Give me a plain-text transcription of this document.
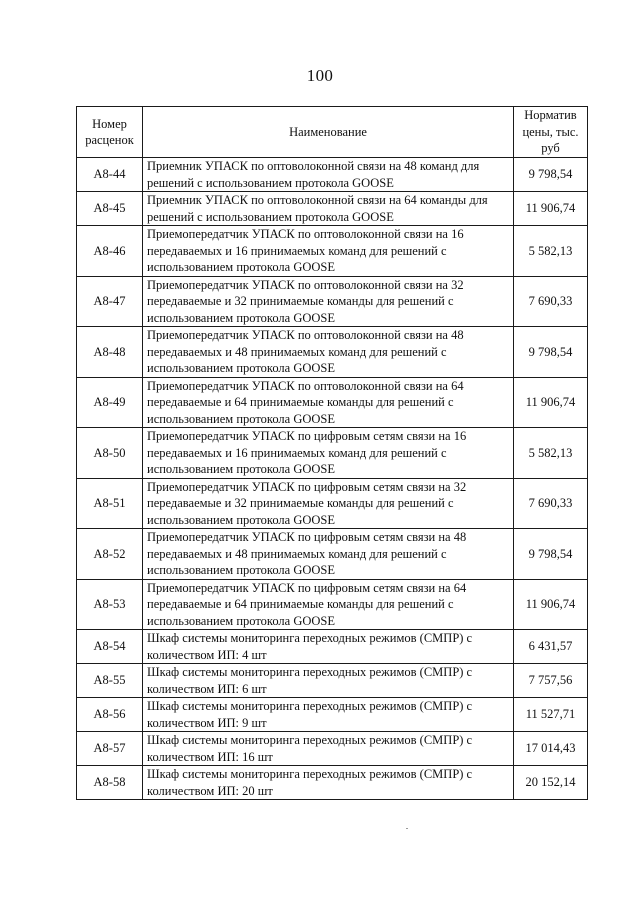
100
Номер расценок	Наименование	Норматив цены, тыс. руб
А8-44	Приемник УПАСК по оптоволоконной связи на 48 команд для решений с использованием протокола GOOSE	9 798,54
А8-45	Приемник УПАСК по оптоволоконной связи на 64 команды для решений с использованием протокола GOOSE	11 906,74
А8-46	Приемопередатчик УПАСК по оптоволоконной связи на 16 передаваемых и 16 принимаемых команд для решений с использованием протокола GOOSE	5 582,13
А8-47	Приемопередатчик УПАСК по оптоволоконной связи на 32 передаваемые и 32 принимаемые команды для решений с использованием протокола GOOSE	7 690,33
А8-48	Приемопередатчик УПАСК по оптоволоконной связи на 48 передаваемых и 48 принимаемых команд для решений с использованием протокола GOOSE	9 798,54
А8-49	Приемопередатчик УПАСК по оптоволоконной связи на 64 передаваемые и 64 принимаемые команды для решений с использованием протокола GOOSE	11 906,74
А8-50	Приемопередатчик УПАСК по цифровым сетям связи на 16 передаваемых и 16 принимаемых команд для решений с использованием протокола GOOSE	5 582,13
А8-51	Приемопередатчик УПАСК по цифровым сетям связи на 32 передаваемые и 32 принимаемые команды для решений с использованием протокола GOOSE	7 690,33
А8-52	Приемопередатчик УПАСК по цифровым сетям связи на 48 передаваемых и 48 принимаемых команд для решений с использованием протокола GOOSE	9 798,54
А8-53	Приемопередатчик УПАСК по цифровым сетям связи на 64 передаваемые и 64 принимаемые команды для решений с использованием протокола GOOSE	11 906,74
А8-54	Шкаф системы мониторинга переходных режимов (СМПР) с количеством ИП: 4 шт	6 431,57
А8-55	Шкаф системы мониторинга переходных режимов (СМПР) с количеством ИП: 6 шт	7 757,56
А8-56	Шкаф системы мониторинга переходных режимов (СМПР) с количеством ИП: 9 шт	11 527,71
А8-57	Шкаф системы мониторинга переходных режимов (СМПР) с количеством ИП: 16 шт	17 014,43
А8-58	Шкаф системы мониторинга переходных режимов (СМПР) с количеством ИП: 20 шт	20 152,14
